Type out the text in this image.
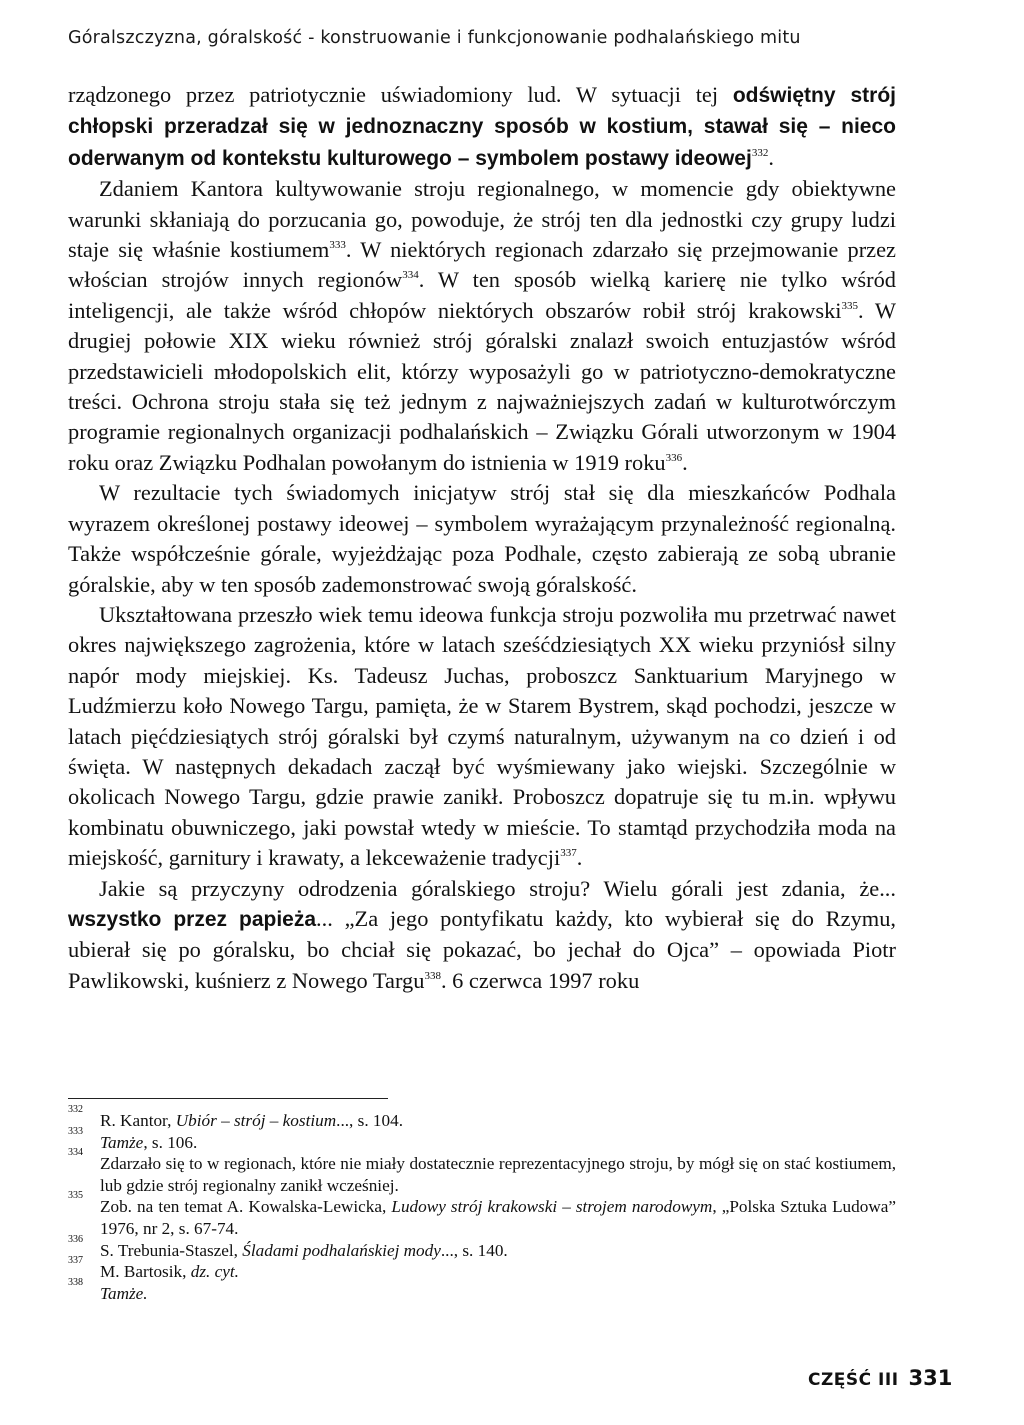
Góralszczyzna, góralskość - konstruowanie i funkcjonowanie podhalańskiego mitu

rządzonego przez patriotycznie uświadomiony lud. W sytuacji tej odświętny strój chłopski przeradzał się w jednoznaczny sposób w kostium, stawał się – nieco oderwanym od kontekstu kulturowego – symbolem postawy ideowej$^{332}$.

Zdaniem Kantora kultywowanie stroju regionalnego, w momencie gdy obiektywne warunki skłaniają do porzucania go, powoduje, że strój ten dla jednostki czy grupy ludzi staje się właśnie kostiumem$^{333}$. W niektórych regionach zdarzało się przejmowanie przez włościan strojów innych regionów$^{334}$. W ten sposób wielką karierę nie tylko wśród inteligencji, ale także wśród chłopów niektórych obszarów robił strój krakowski$^{335}$. W drugiej połowie XIX wieku również strój góralski znalazł swoich entuzjastów wśród przedstawicieli młodopolskich elit, którzy wyposażyli go w patriotyczno-demokratyczne treści. Ochrona stroju stała się też jednym z najważniejszych zadań w kulturotwórczym programie regionalnych organizacji podhalańskich – Związku Górali utworzonym w 1904 roku oraz Związku Podhalan powołanym do istnienia w 1919 roku$^{336}$.

W rezultacie tych świadomych inicjatyw strój stał się dla mieszkańców Podhala wyrazem określonej postawy ideowej – symbolem wyrażającym przynależność regionalną. Także współcześnie górale, wyjeżdżając poza Podhale, często zabierają ze sobą ubranie góralskie, aby w ten sposób zademonstrować swoją góralskość.

Ukształtowana przeszło wiek temu ideowa funkcja stroju pozwoliła mu przetrwać nawet okres największego zagrożenia, które w latach sześćdziesiątych XX wieku przyniósł silny napór mody miejskiej. Ks. Tadeusz Juchas, proboszcz Sanktuarium Maryjnego w Ludźmierzu koło Nowego Targu, pamięta, że w Starem Bystrem, skąd pochodzi, jeszcze w latach pięćdziesiątych strój góralski był czymś naturalnym, używanym na co dzień i od święta. W następnych dekadach zaczął być wyśmiewany jako wiejski. Szczególnie w okolicach Nowego Targu, gdzie prawie zanikł. Proboszcz dopatruje się tu m.in. wpływu kombinatu obuwniczego, jaki powstał wtedy w mieście. To stamtąd przychodziła moda na miejskość, garnitury i krawaty, a lekceważenie tradycji$^{337}$.

Jakie są przyczyny odrodzenia góralskiego stroju? Wielu górali jest zdania, że... wszystko przez papieża... „Za jego pontyfikatu każdy, kto wybierał się do Rzymu, ubierał się po góralsku, bo chciał się pokazać, bo jechał do Ojca” – opowiada Piotr Pawlikowski, kuśnierz z Nowego Targu$^{338}$. 6 czerwca 1997 roku

332
R. Kantor, Ubiór – strój – kostium..., s. 104.
333
Tamże, s. 106.
334
Zdarzało się to w regionach, które nie miały dostatecznie reprezentacyjnego stroju, by mógł się on stać kostiumem, lub gdzie strój regionalny zanikł wcześniej.
335
Zob. na ten temat A. Kowalska-Lewicka, Ludowy strój krakowski – strojem narodowym, „Polska Sztuka Ludowa” 1976, nr 2, s. 67-74.
336
S. Trebunia-Staszel, Śladami podhalańskiej mody..., s. 140.
337
M. Bartosik, dz. cyt.
338
Tamże.
CZĘŚĆ III 331
